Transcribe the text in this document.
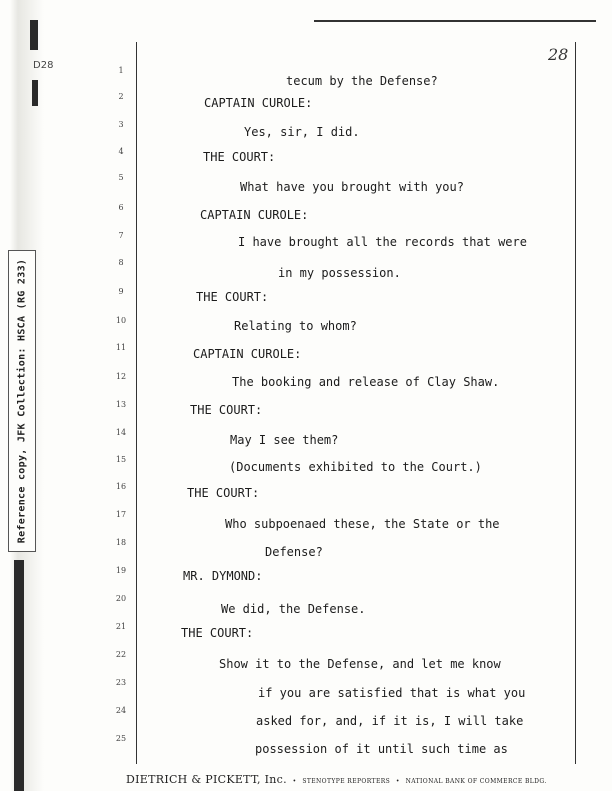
D28
Reference copy, JFK Collection: HSCA (RG 233)
28
1
2
3
4
5
6
7
8
9
10
11
12
13
14
15
16
17
18
19
20
21
22
23
24
25
tecum by the Defense?
CAPTAIN CUROLE:
Yes, sir, I did.
THE COURT:
What have you brought with you?
CAPTAIN CUROLE:
I have brought all the records that were
in my possession.
THE COURT:
Relating to whom?
CAPTAIN CUROLE:
The booking and release of Clay Shaw.
THE COURT:
May I see them?
(Documents exhibited to the Court.)
THE COURT:
Who subpoenaed these, the State or the
Defense?
MR. DYMOND:
We did, the Defense.
THE COURT:
Show it to the Defense, and let me know
if you are satisfied that is what you
asked for, and, if it is, I will take
possession of it until such time as
DIETRICH & PICKETT, Inc. • STENOTYPE REPORTERS • NATIONAL BANK OF COMMERCE BLDG.
